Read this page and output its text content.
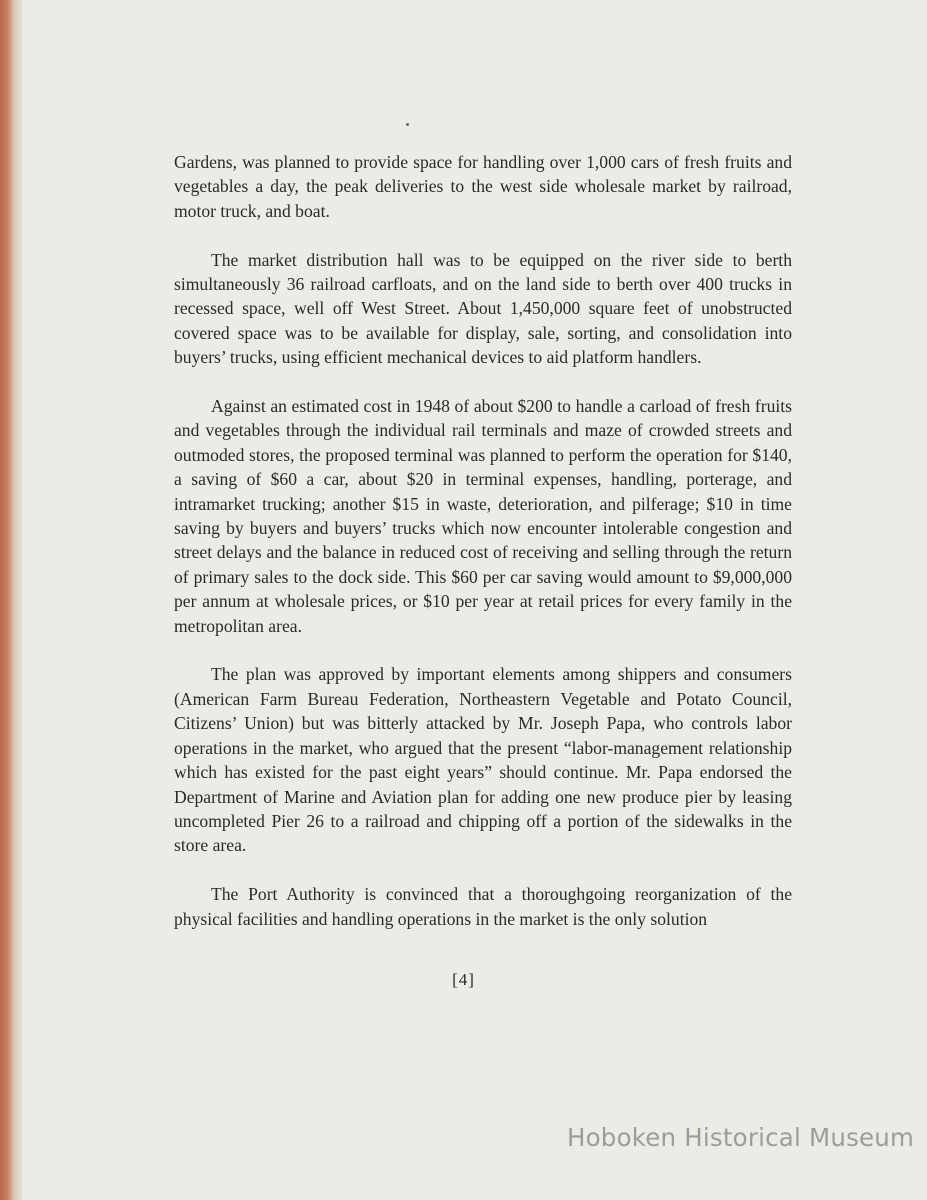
Gardens, was planned to provide space for handling over 1,000 cars of fresh fruits and vegetables a day, the peak deliveries to the west side wholesale market by railroad, motor truck, and boat.

The market distribution hall was to be equipped on the river side to berth simultaneously 36 railroad carfloats, and on the land side to berth over 400 trucks in recessed space, well off West Street. About 1,450,000 square feet of unobstructed covered space was to be available for display, sale, sorting, and consolidation into buyers’ trucks, using efficient mechanical devices to aid platform handlers.

Against an estimated cost in 1948 of about $200 to handle a carload of fresh fruits and vegetables through the individual rail terminals and maze of crowded streets and outmoded stores, the proposed terminal was planned to perform the operation for $140, a saving of $60 a car, about $20 in terminal expenses, handling, porterage, and intramarket trucking; another $15 in waste, deterioration, and pilferage; $10 in time saving by buyers and buyers’ trucks which now encounter intolerable congestion and street delays and the balance in reduced cost of receiving and selling through the return of primary sales to the dock side. This $60 per car saving would amount to $9,000,000 per annum at wholesale prices, or $10 per year at retail prices for every family in the metropolitan area.

The plan was approved by important elements among shippers and consumers (American Farm Bureau Federation, Northeastern Vegetable and Potato Council, Citizens’ Union) but was bitterly attacked by Mr. Joseph Papa, who controls labor operations in the market, who argued that the present “labor-management relationship which has existed for the past eight years” should continue. Mr. Papa endorsed the Department of Marine and Aviation plan for adding one new produce pier by leasing uncompleted Pier 26 to a railroad and chipping off a portion of the sidewalks in the store area.

The Port Authority is convinced that a thoroughgoing reorganization of the physical facilities and handling operations in the market is the only solution

[4]
Hoboken Historical Museum
